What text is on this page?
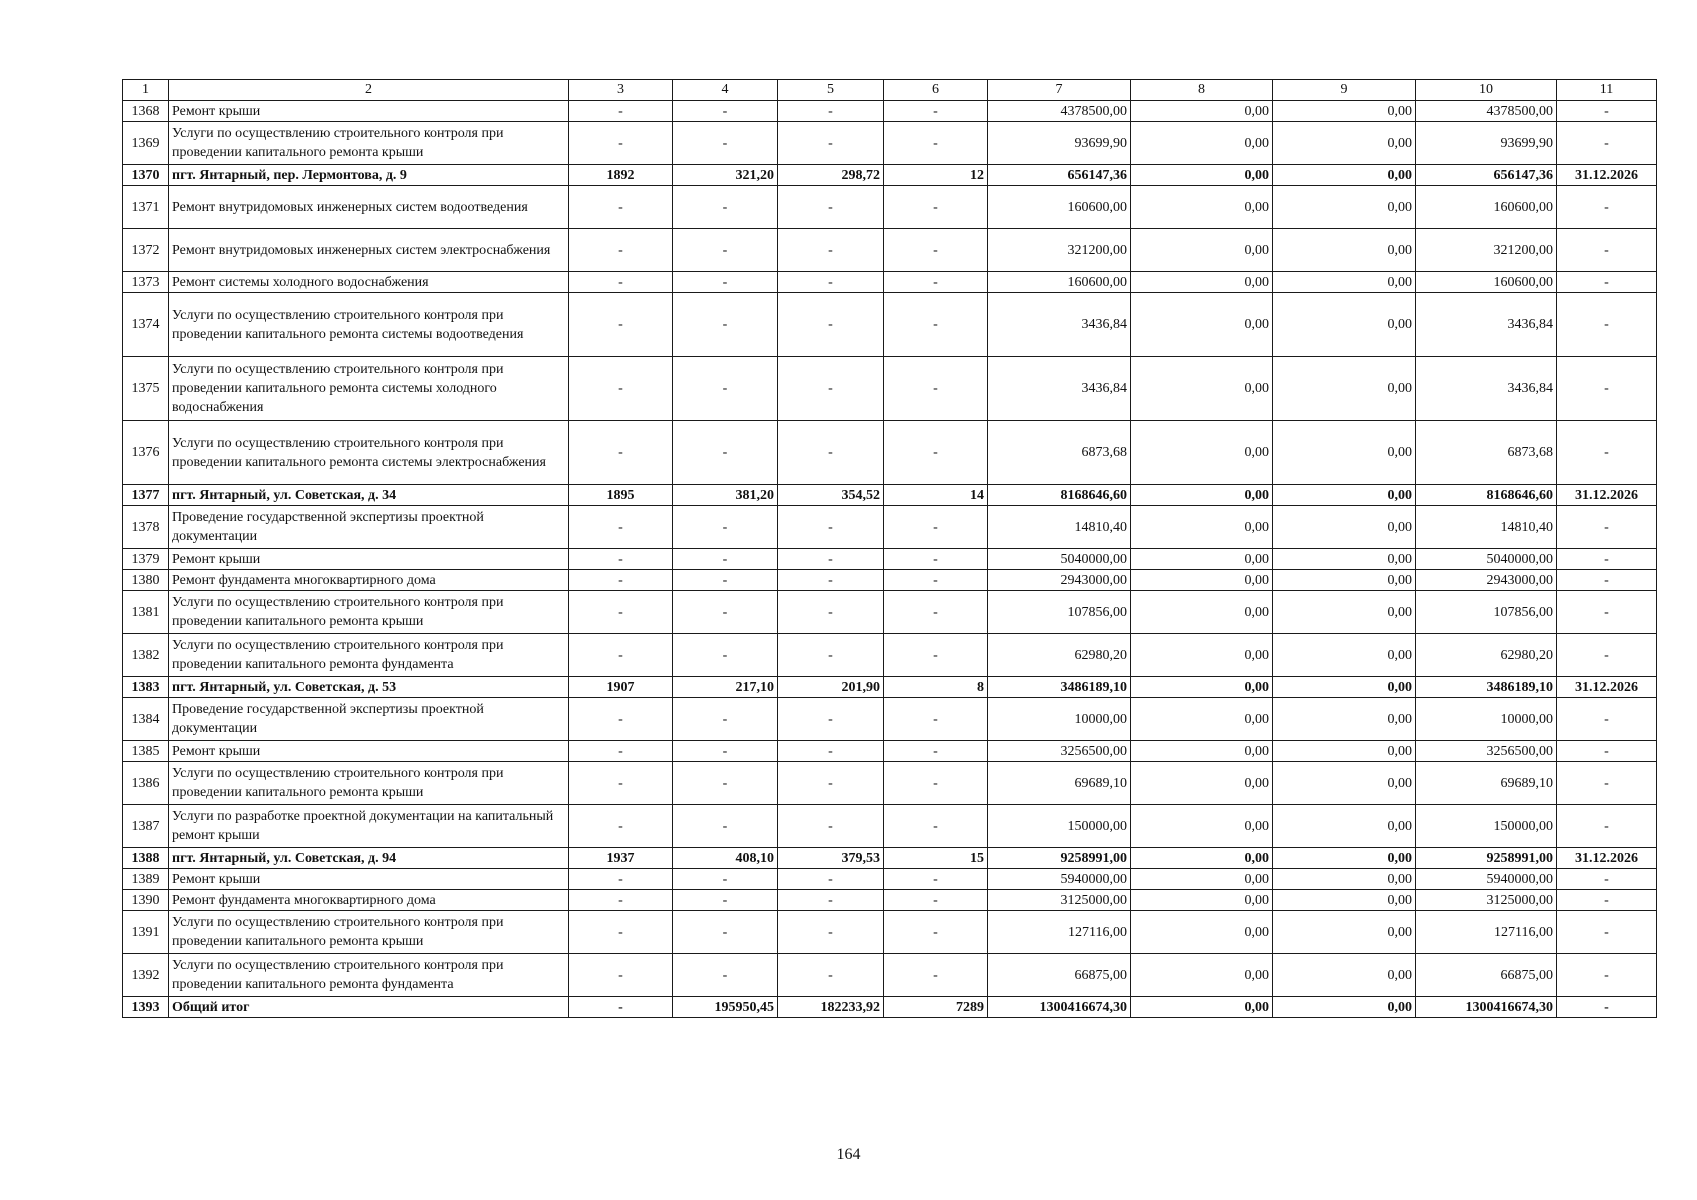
1	2	3	4	5	6	7	8	9	10	11
1368	Ремонт крыши	-	-	-	-	4378500,00	0,00	0,00	4378500,00	-
1369	Услуги по осуществлению строительного контроля при проведении капитального ремонта крыши	-	-	-	-	93699,90	0,00	0,00	93699,90	-
1370	пгт. Янтарный, пер. Лермонтова, д. 9	1892	321,20	298,72	12	656147,36	0,00	0,00	656147,36	31.12.2026
1371	Ремонт внутридомовых инженерных систем водоотведения	-	-	-	-	160600,00	0,00	0,00	160600,00	-
1372	Ремонт внутридомовых инженерных систем электроснабжения	-	-	-	-	321200,00	0,00	0,00	321200,00	-
1373	Ремонт системы холодного водоснабжения	-	-	-	-	160600,00	0,00	0,00	160600,00	-
1374	Услуги по осуществлению строительного контроля при проведении капитального ремонта системы водоотведения	-	-	-	-	3436,84	0,00	0,00	3436,84	-
1375	Услуги по осуществлению строительного контроля при проведении капитального ремонта системы холодного водоснабжения	-	-	-	-	3436,84	0,00	0,00	3436,84	-
1376	Услуги по осуществлению строительного контроля при проведении капитального ремонта системы электроснабжения	-	-	-	-	6873,68	0,00	0,00	6873,68	-
1377	пгт. Янтарный, ул. Советская, д. 34	1895	381,20	354,52	14	8168646,60	0,00	0,00	8168646,60	31.12.2026
1378	Проведение государственной экспертизы проектной документации	-	-	-	-	14810,40	0,00	0,00	14810,40	-
1379	Ремонт крыши	-	-	-	-	5040000,00	0,00	0,00	5040000,00	-
1380	Ремонт фундамента многоквартирного дома	-	-	-	-	2943000,00	0,00	0,00	2943000,00	-
1381	Услуги по осуществлению строительного контроля при проведении капитального ремонта крыши	-	-	-	-	107856,00	0,00	0,00	107856,00	-
1382	Услуги по осуществлению строительного контроля при проведении капитального ремонта фундамента	-	-	-	-	62980,20	0,00	0,00	62980,20	-
1383	пгт. Янтарный, ул. Советская, д. 53	1907	217,10	201,90	8	3486189,10	0,00	0,00	3486189,10	31.12.2026
1384	Проведение государственной экспертизы проектной документации	-	-	-	-	10000,00	0,00	0,00	10000,00	-
1385	Ремонт крыши	-	-	-	-	3256500,00	0,00	0,00	3256500,00	-
1386	Услуги по осуществлению строительного контроля при проведении капитального ремонта крыши	-	-	-	-	69689,10	0,00	0,00	69689,10	-
1387	Услуги по разработке проектной документации на капитальный ремонт крыши	-	-	-	-	150000,00	0,00	0,00	150000,00	-
1388	пгт. Янтарный, ул. Советская, д. 94	1937	408,10	379,53	15	9258991,00	0,00	0,00	9258991,00	31.12.2026
1389	Ремонт крыши	-	-	-	-	5940000,00	0,00	0,00	5940000,00	-
1390	Ремонт фундамента многоквартирного дома	-	-	-	-	3125000,00	0,00	0,00	3125000,00	-
1391	Услуги по осуществлению строительного контроля при проведении капитального ремонта крыши	-	-	-	-	127116,00	0,00	0,00	127116,00	-
1392	Услуги по осуществлению строительного контроля при проведении капитального ремонта фундамента	-	-	-	-	66875,00	0,00	0,00	66875,00	-
1393	Общий итог	-	195950,45	182233,92	7289	1300416674,30	0,00	0,00	1300416674,30	-
164
